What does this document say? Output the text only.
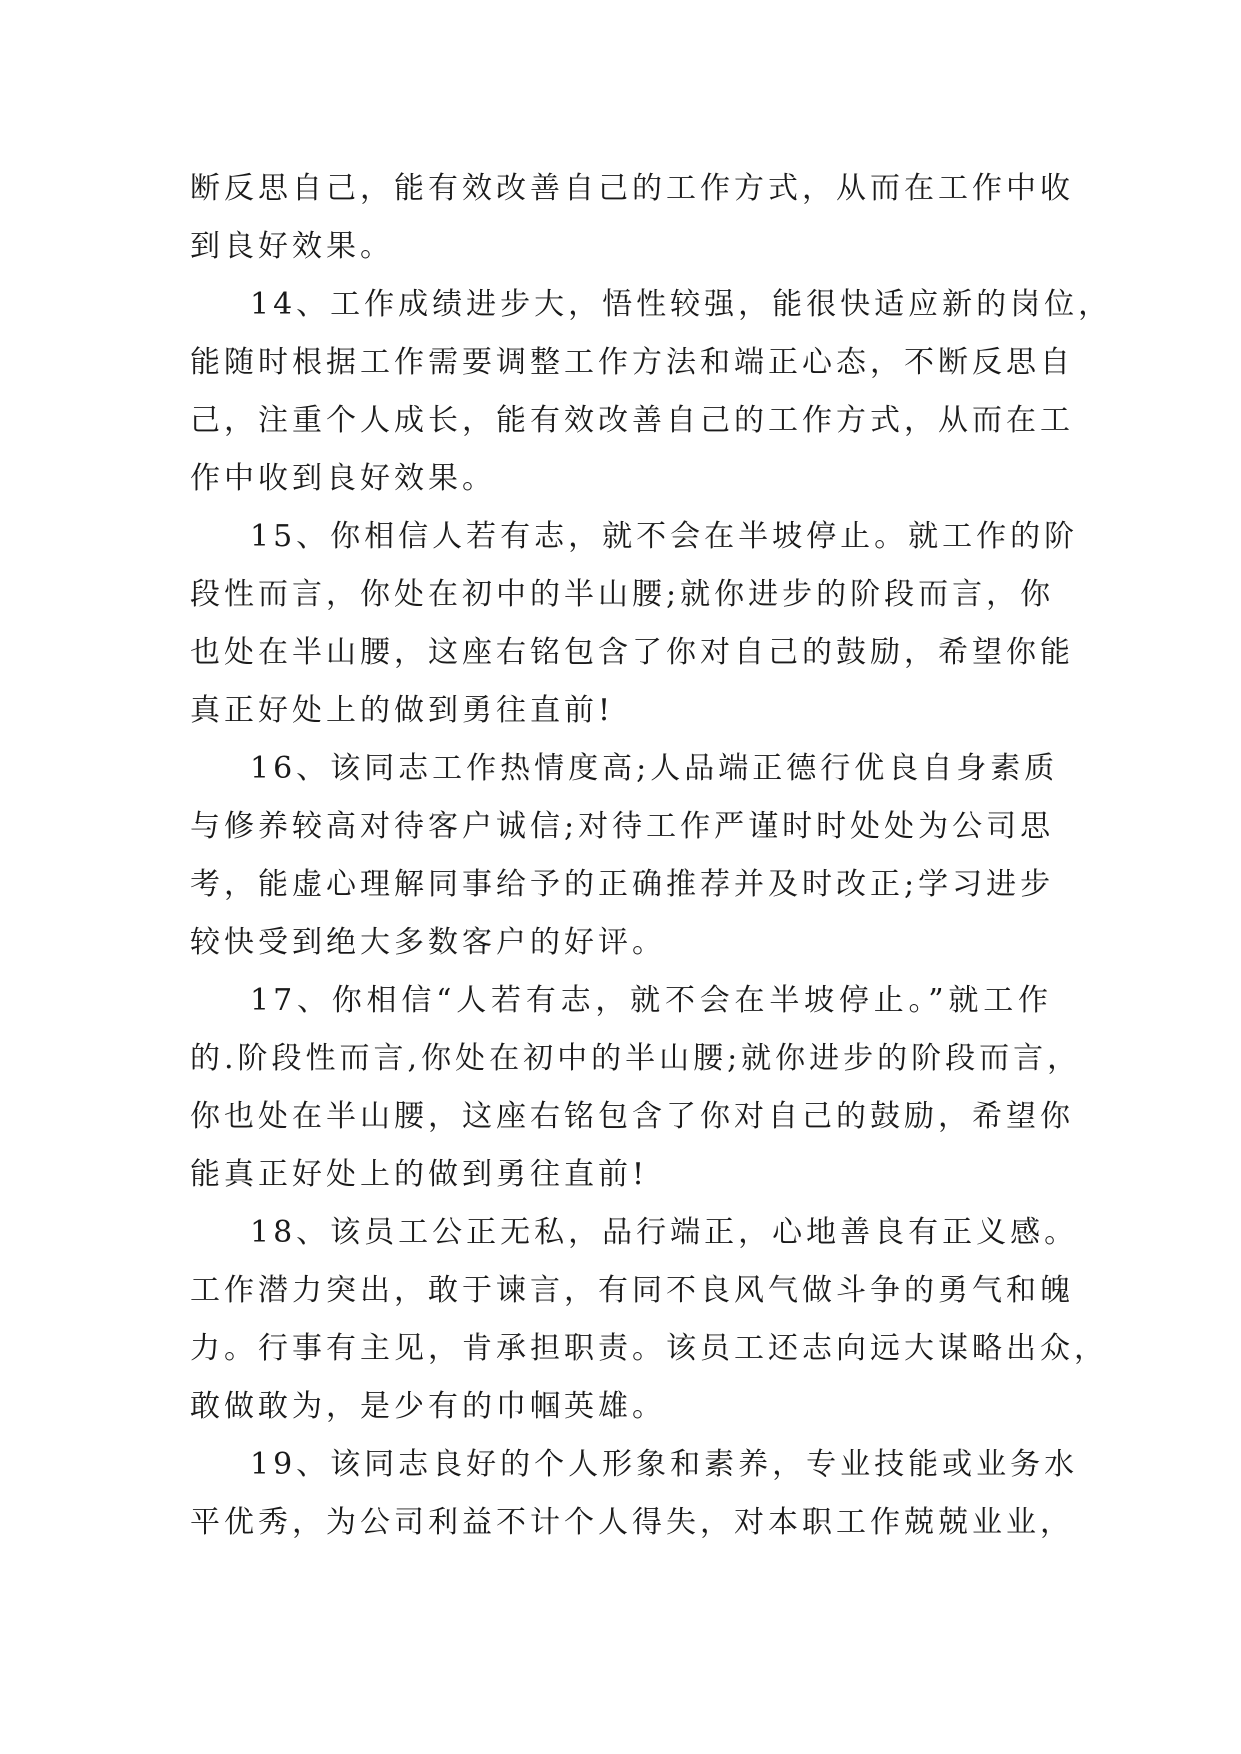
断反思自己，能有效改善自己的工作方式，从而在工作中收
到良好效果。
14、工作成绩进步大，悟性较强，能很快适应新的岗位，
能随时根据工作需要调整工作方法和端正心态，不断反思自
己，注重个人成长，能有效改善自己的工作方式，从而在工
作中收到良好效果。
15、你相信人若有志，就不会在半坡停止。就工作的阶
段性而言，你处在初中的半山腰;就你进步的阶段而言，你
也处在半山腰，这座右铭包含了你对自己的鼓励，希望你能
真正好处上的做到勇往直前!
16、该同志工作热情度高;人品端正德行优良自身素质
与修养较高对待客户诚信;对待工作严谨时时处处为公司思
考，能虚心理解同事给予的正确推荐并及时改正;学习进步
较快受到绝大多数客户的好评。
17、你相信“人若有志，就不会在半坡停止。”就工作
的.阶段性而言,你处在初中的半山腰;就你进步的阶段而言，
你也处在半山腰，这座右铭包含了你对自己的鼓励，希望你
能真正好处上的做到勇往直前!
18、该员工公正无私，品行端正，心地善良有正义感。
工作潜力突出，敢于谏言，有同不良风气做斗争的勇气和魄
力。行事有主见，肯承担职责。该员工还志向远大谋略出众，
敢做敢为，是少有的巾帼英雄。
19、该同志良好的个人形象和素养，专业技能或业务水
平优秀，为公司利益不计个人得失，对本职工作兢兢业业，
